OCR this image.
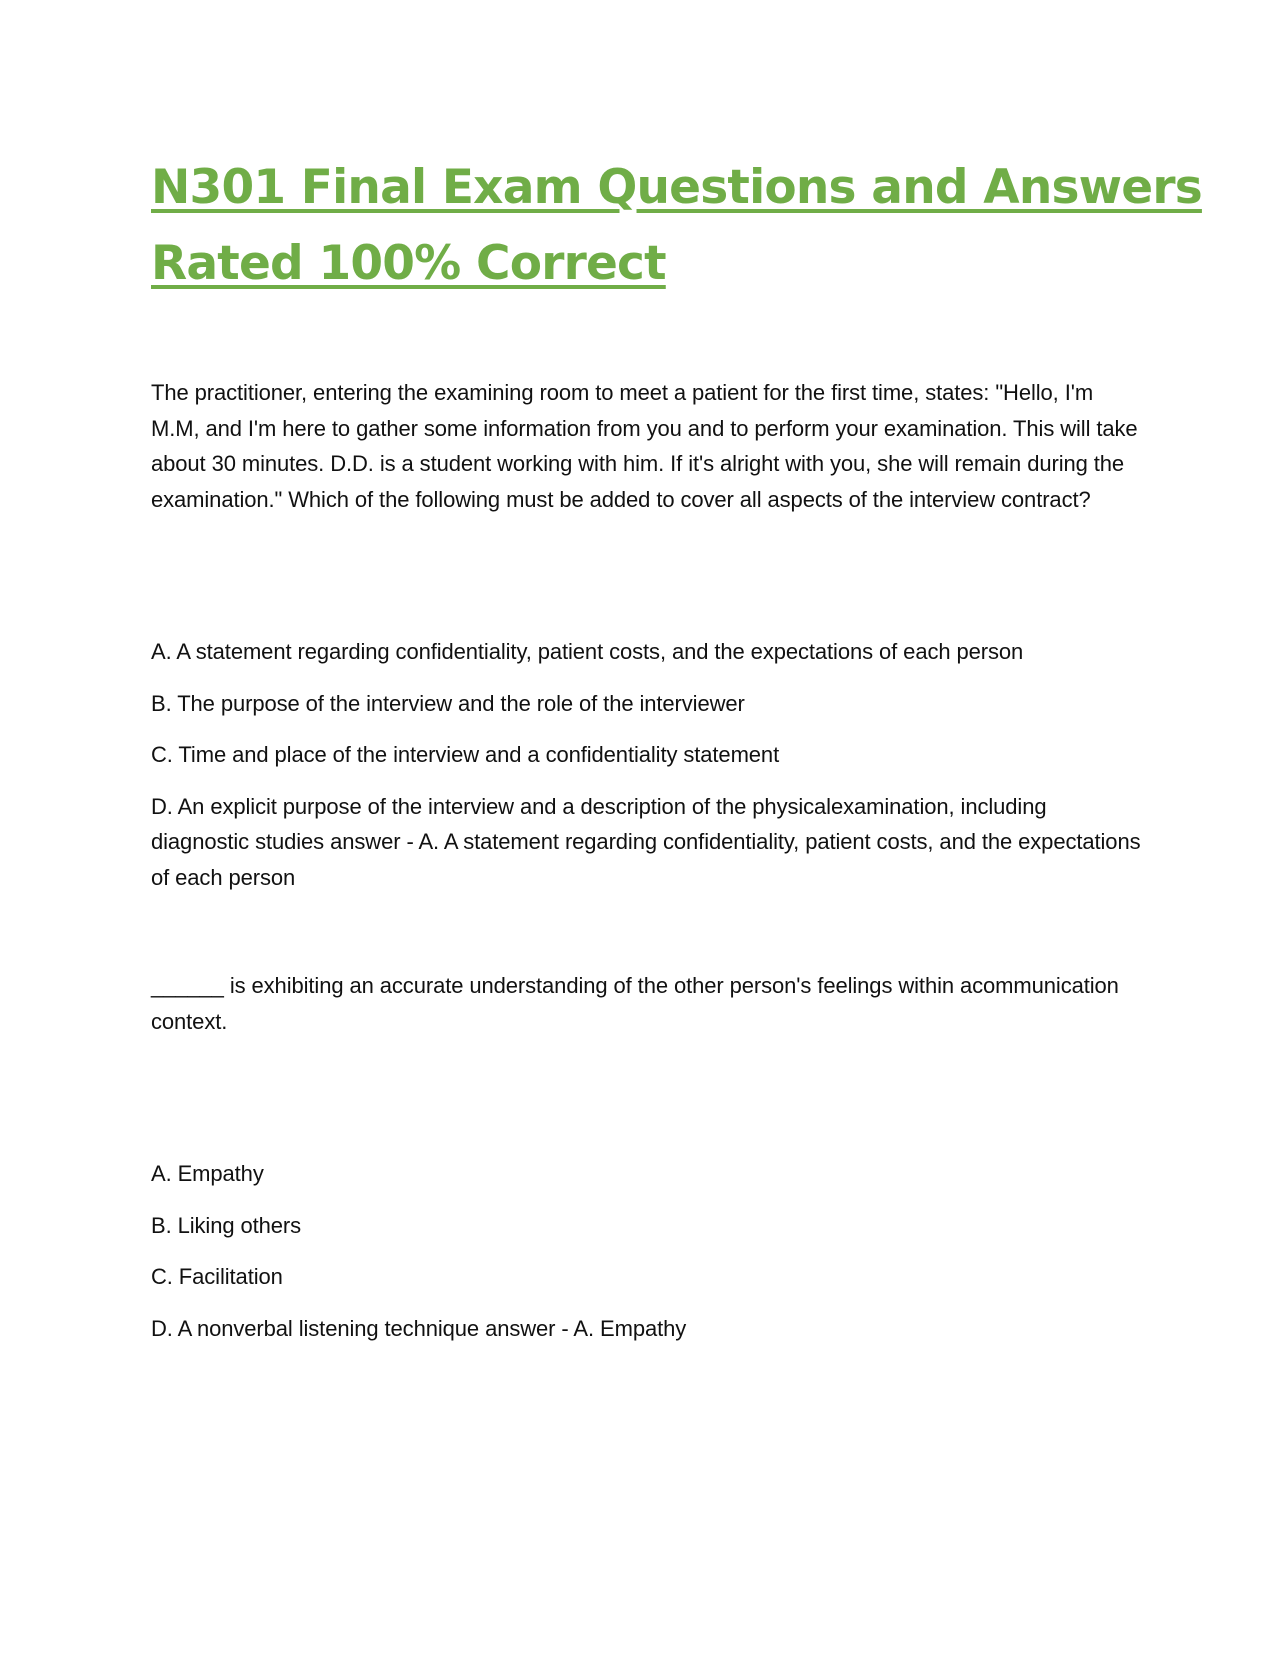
N301 Final Exam Questions and Answers
Rated 100% Correct

The practitioner, entering the examining room to meet a patient for the first time, states: "Hello, I'm M.M, and I'm here to gather some information from you and to perform your examination. This will take about 30 minutes. D.D. is a student working with him. If it's alright with you, she will remain during the examination." Which of the following must be added to cover all aspects of the interview contract?

A. A statement regarding confidentiality, patient costs, and the expectations of each person

B. The purpose of the interview and the role of the interviewer

C. Time and place of the interview and a confidentiality statement

D. An explicit purpose of the interview and a description of the physicalexamination, including diagnostic studies answer - A. A statement regarding confidentiality, patient costs, and the expectations of each person

______ is exhibiting an accurate understanding of the other person's feelings within acommunication context.

A. Empathy

B. Liking others

C. Facilitation

D. A nonverbal listening technique answer - A. Empathy
